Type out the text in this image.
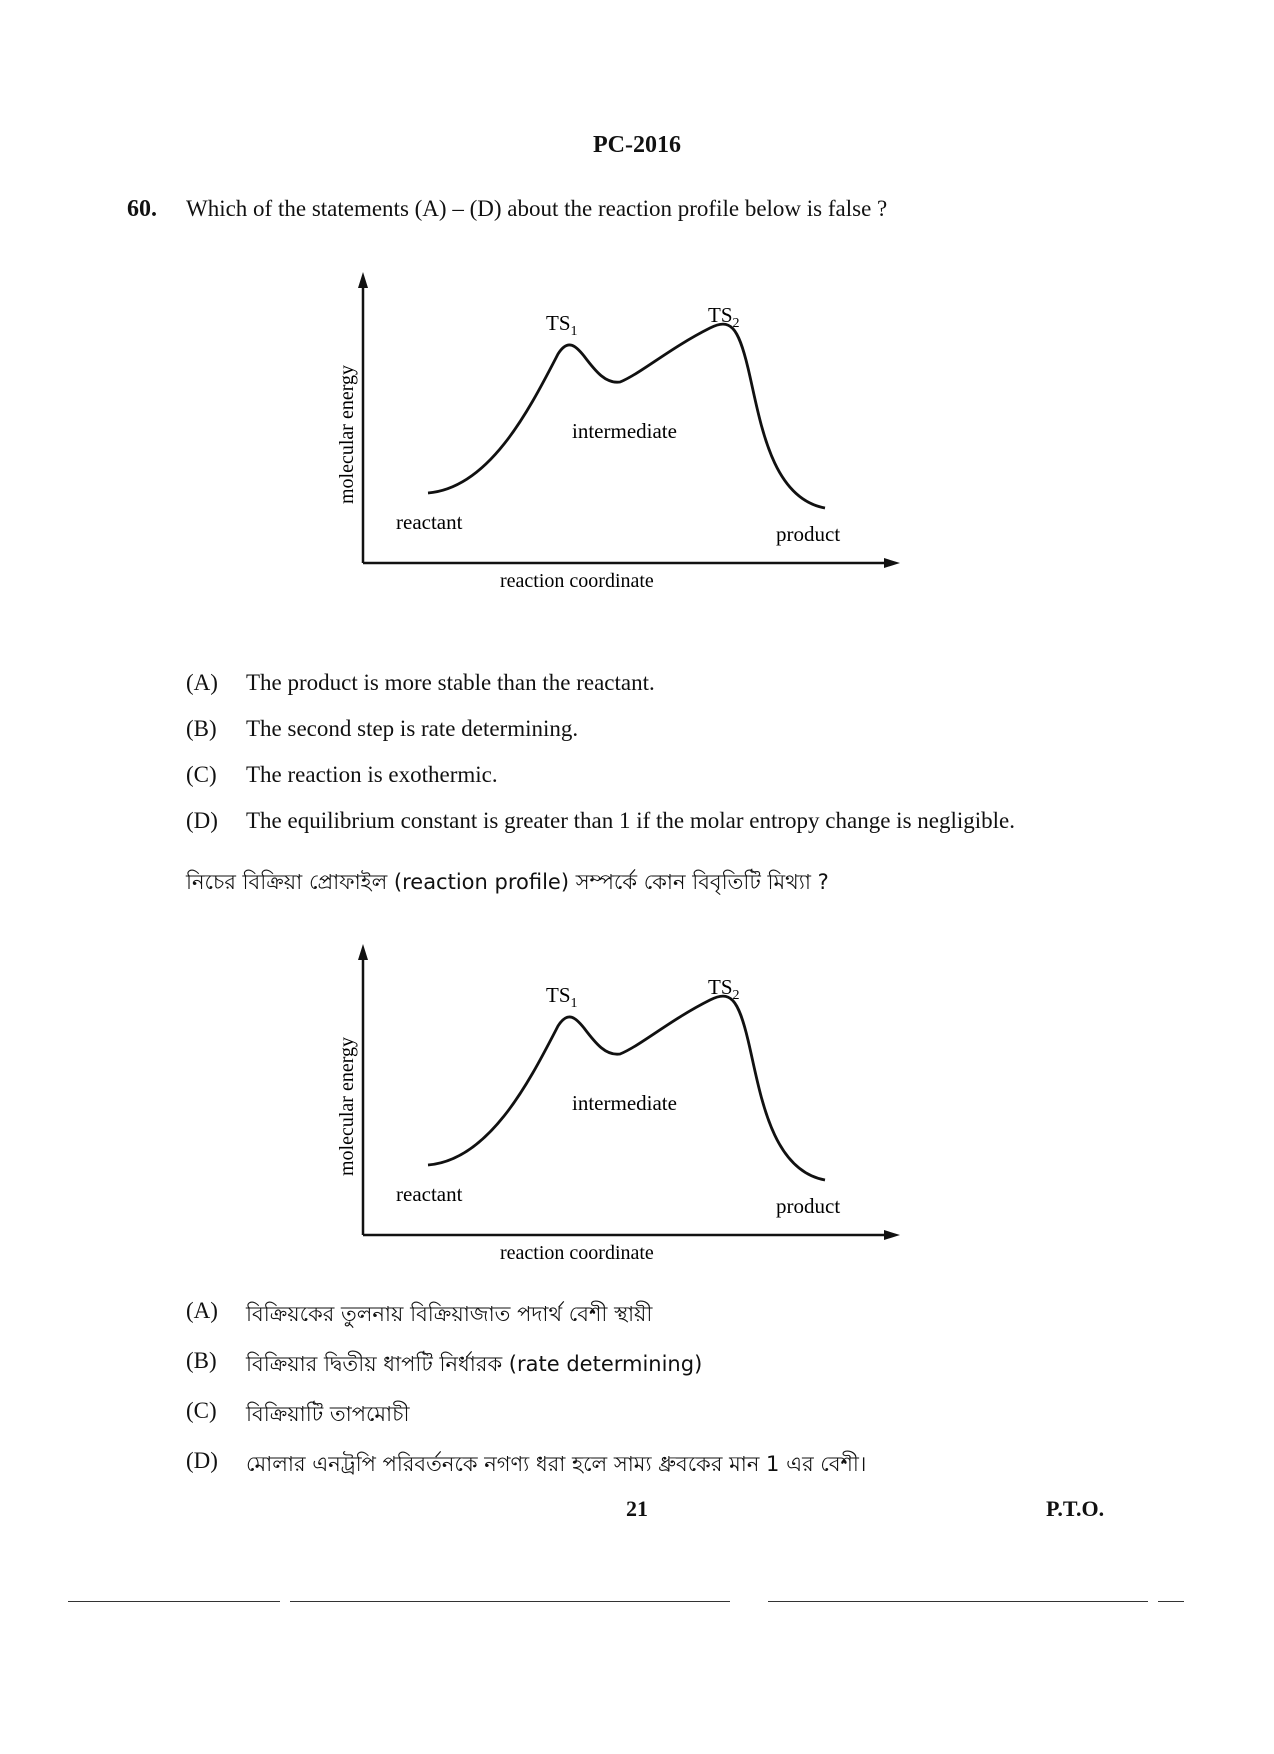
PC-2016
60. Which of the statements (A) – (D) about the reaction profile below is false ?
$TS_1$
$TS_2$
intermediate
reactant	product
reaction coordinate
molecular energy
(A) The product is more stable than the reactant.
(B) The second step is rate determining.
(C) The reaction is exothermic.
(D) The equilibrium constant is greater than 1 if the molar entropy change is negligible.
নিচের বিক্রিয়া প্রোফাইল (reaction profile) সম্পর্কে কোন বিবৃতিটি মিথ্যা ?
$TS_1$
$TS_2$
intermediate
reactant	product
reaction coordinate
molecular energy
(A) বিক্রিয়কের তুলনায় বিক্রিয়াজাত পদার্থ বেশী স্থায়ী
(B) বিক্রিয়ার দ্বিতীয় ধাপটি নির্ধারক (rate determining)
(C) বিক্রিয়াটি তাপমোচী
(D) মোলার এনট্রপি পরিবর্তনকে নগণ্য ধরা হলে সাম্য ধ্রুবকের মান 1 এর বেশী।
21	P.T.O.
